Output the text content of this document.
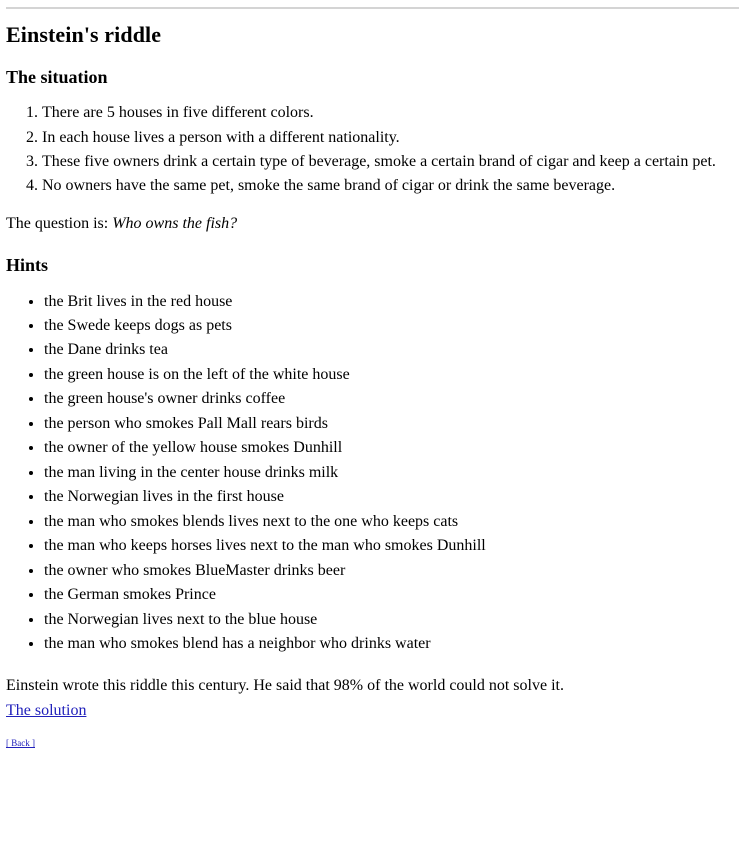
Einstein's riddle
The situation
1. There are 5 houses in five different colors.
2. In each house lives a person with a different nationality.
3. These five owners drink a certain type of beverage, smoke a certain brand of cigar and keep a certain pet.
4. No owners have the same pet, smoke the same brand of cigar or drink the same beverage.

The question is: Who owns the fish?

Hints
• the Brit lives in the red house
• the Swede keeps dogs as pets
• the Dane drinks tea
• the green house is on the left of the white house
• the green house's owner drinks coffee
• the person who smokes Pall Mall rears birds
• the owner of the yellow house smokes Dunhill
• the man living in the center house drinks milk
• the Norwegian lives in the first house
• the man who smokes blends lives next to the one who keeps cats
• the man who keeps horses lives next to the man who smokes Dunhill
• the owner who smokes BlueMaster drinks beer
• the German smokes Prince
• the Norwegian lives next to the blue house
• the man who smokes blend has a neighbor who drinks water

Einstein wrote this riddle this century. He said that 98% of the world could not solve it.

The solution

[ Back ]
